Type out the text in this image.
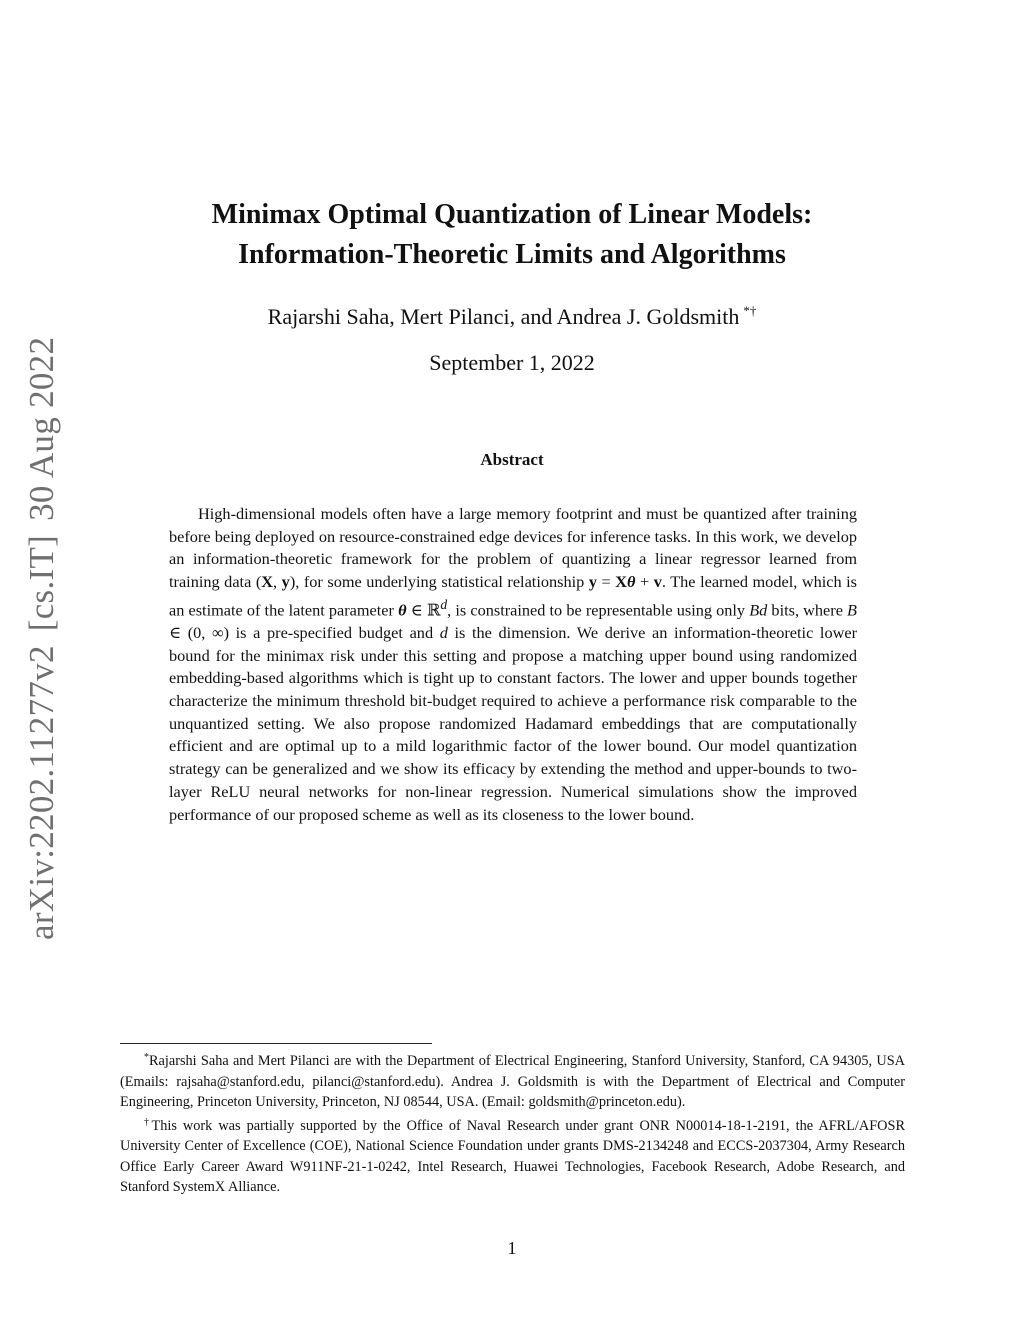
arXiv:2202.11277v2[cs.IT]30 Aug 2022
Minimax Optimal Quantization of Linear Models:
Information-Theoretic Limits and Algorithms
Rajarshi Saha, Mert Pilanci, and Andrea J. Goldsmith *†
September 1, 2022
Abstract

High-dimensional models often have a large memory footprint and must be quantized after training before being deployed on resource-constrained edge devices for inference tasks. In this work, we develop an information-theoretic framework for the problem of quantizing a linear regressor learned from training data (X, y), for some underlying statistical relationship y = Xθ + v. The learned model, which is an estimate of the latent parameter θ ∈ ℝ$^d$, is constrained to be representable using only Bd bits, where B ∈ (0, ∞) is a pre-specified budget and d is the dimension. We derive an information-theoretic lower bound for the minimax risk under this setting and propose a matching upper bound using randomized embedding-based algorithms which is tight up to constant factors. The lower and upper bounds together characterize the minimum threshold bit-budget required to achieve a performance risk comparable to the unquantized setting. We also propose randomized Hadamard embeddings that are computationally efficient and are optimal up to a mild logarithmic factor of the lower bound. Our model quantization strategy can be generalized and we show its efficacy by extending the method and upper-bounds to two-layer ReLU neural networks for non-linear regression. Numerical simulations show the improved performance of our proposed scheme as well as its closeness to the lower bound.

*Rajarshi Saha and Mert Pilanci are with the Department of Electrical Engineering, Stanford University, Stanford, CA 94305, USA (Emails: rajsaha@stanford.edu, pilanci@stanford.edu). Andrea J. Goldsmith is with the Department of Electrical and Computer Engineering, Princeton University, Princeton, NJ 08544, USA. (Email: goldsmith@princeton.edu).

†This work was partially supported by the Office of Naval Research under grant ONR N00014-18-1-2191, the AFRL/AFOSR University Center of Excellence (COE), National Science Foundation under grants DMS-2134248 and ECCS-2037304, Army Research Office Early Career Award W911NF-21-1-0242, Intel Research, Huawei Technologies, Facebook Research, Adobe Research, and Stanford SystemX Alliance.

1
